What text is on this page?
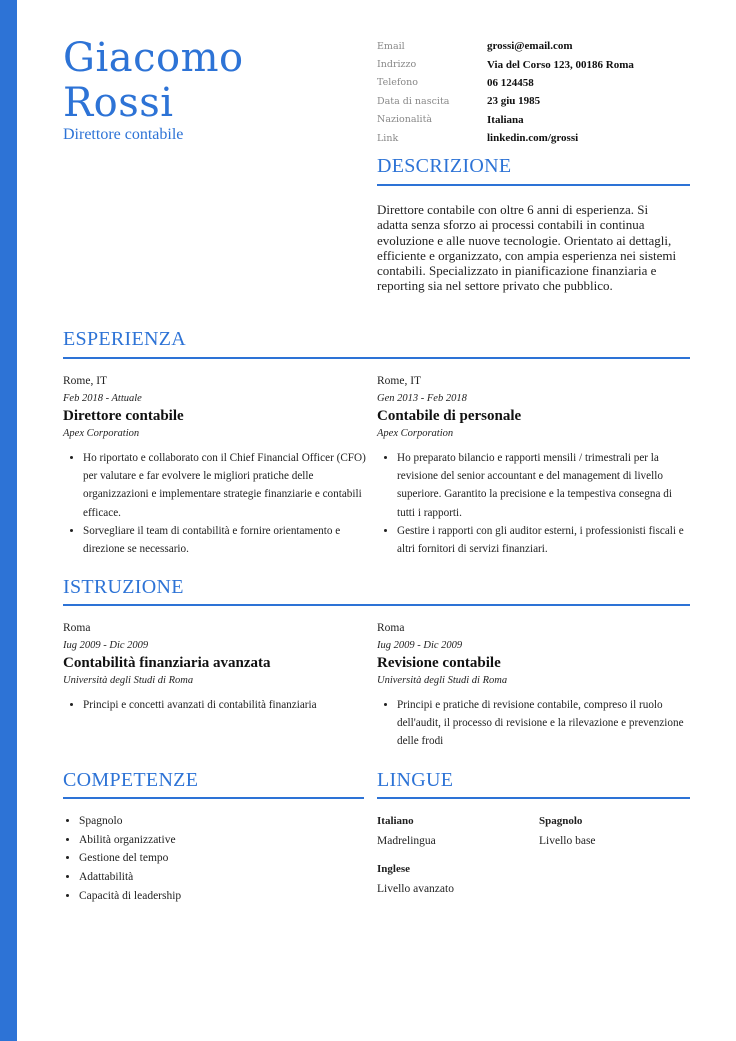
Giacomo
Rossi
Direttore contabile
Email	grossi@email.com
Indrizzo	Via del Corso 123, 00186 Roma
Telefono	06 124458
Data di nascita	23 giu 1985
Nazionalità	Italiana
Link	linkedin.com/grossi
DESCRIZIONE
Direttore contabile con oltre 6 anni di esperienza. Si adatta senza sforzo ai processi contabili in continua evoluzione e alle nuove tecnologie. Orientato ai dettagli, efficiente e organizzato, con ampia esperienza nei sistemi contabili. Specializzato in pianificazione finanziaria e reporting sia nel settore privato che pubblico.
ESPERIENZA
Rome, IT
Feb 2018 - Attuale
Direttore contabile
Apex Corporation
• Ho riportato e collaborato con il Chief Financial Officer (CFO) per valutare e far evolvere le migliori pratiche delle organizzazioni e implementare strategie finanziarie e contabili efficace.
• Sorvegliare il team di contabilità e fornire orientamento e direzione se necessario.
Rome, IT
Gen 2013 - Feb 2018
Contabile di personale
Apex Corporation
• Ho preparato bilancio e rapporti mensili / trimestrali per la revisione del senior accountant e del management di livello superiore. Garantito la precisione e la tempestiva consegna di tutti i rapporti.
• Gestire i rapporti con gli auditor esterni, i professionisti fiscali e altri fornitori di servizi finanziari.
ISTRUZIONE
Roma
Iug 2009 - Dic 2009
Contabilità finanziaria avanzata
Università degli Studi di Roma
• Principi e concetti avanzati di contabilità finanziaria
Roma
Iug 2009 - Dic 2009
Revisione contabile
Università degli Studi di Roma
• Principi e pratiche di revisione contabile, compreso il ruolo dell'audit, il processo di revisione e la rilevazione e prevenzione delle frodi
COMPETENZE
• Spagnolo
• Abilità organizzative
• Gestione del tempo
• Adattabilità
• Capacità di leadership
LINGUE
Italiano
Madrelingua
Spagnolo
Livello base
Inglese
Livello avanzato
